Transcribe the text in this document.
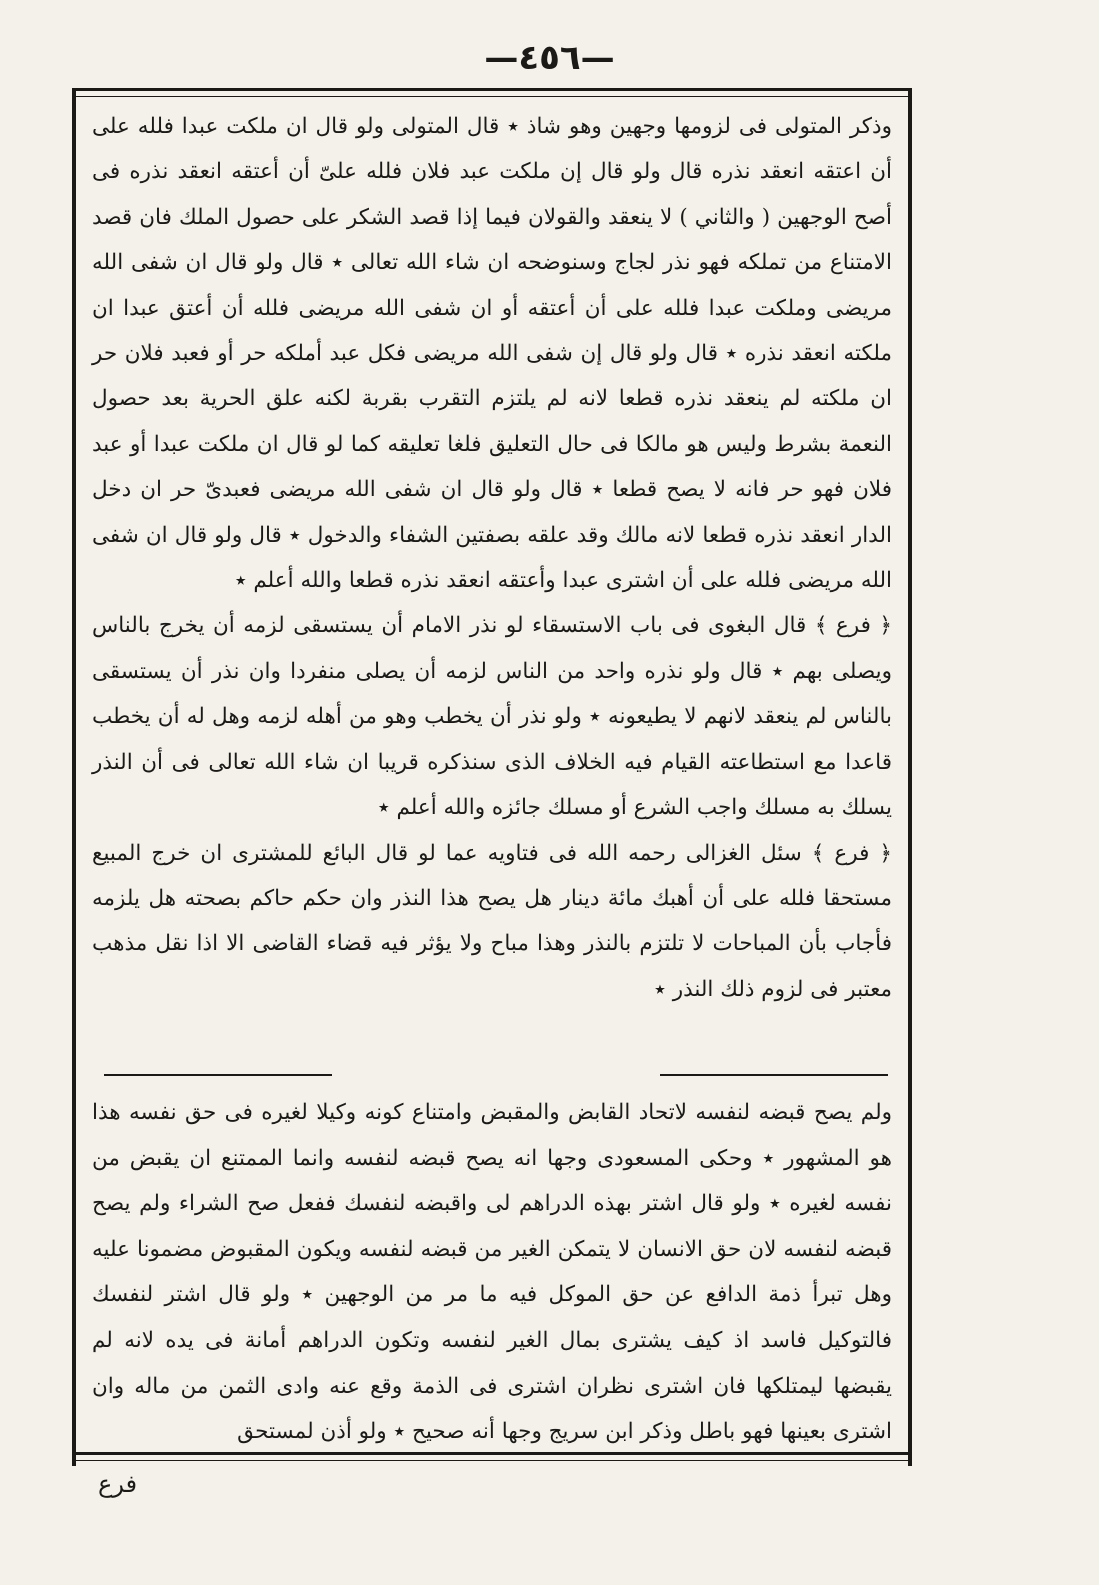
—٤٥٦—

وذكر المتولى فى لزومها وجهين وهو شاذ ٭ قال المتولى ولو قال ان ملكت عبدا فلله على أن اعتقه انعقد نذره قال ولو قال إن ملكت عبد فلان فلله علىّ أن أعتقه انعقد نذره فى أصح الوجهين ( والثاني ) لا ينعقد والقولان فيما إذا قصد الشكر على حصول الملك فان قصد الامتناع من تملكه فهو نذر لجاج وسنوضحه ان شاء الله تعالى ٭ قال ولو قال ان شفى الله مريضى وملكت عبدا فلله على أن أعتقه أو ان شفى الله مريضى فلله أن أعتق عبدا ان ملكته انعقد نذره ٭ قال ولو قال إن شفى الله مريضى فكل عبد أملكه حر أو فعبد فلان حر ان ملكته لم ينعقد نذره قطعا لانه لم يلتزم التقرب بقربة لكنه علق الحرية بعد حصول النعمة بشرط وليس هو مالكا فى حال التعليق فلغا تعليقه كما لو قال ان ملكت عبدا أو عبد فلان فهو حر فانه لا يصح قطعا ٭ قال ولو قال ان شفى الله مريضى فعبدىّ حر ان دخل الدار انعقد نذره قطعا لانه مالك وقد علقه بصفتين الشفاء والدخول ٭ قال ولو قال ان شفى الله مريضى فلله على أن اشترى عبدا وأعتقه انعقد نذره قطعا والله أعلم ٭

﴿ فرع ﴾ قال البغوى فى باب الاستسقاء لو نذر الامام أن يستسقى لزمه أن يخرج بالناس ويصلى بهم ٭ قال ولو نذره واحد من الناس لزمه أن يصلى منفردا وان نذر أن يستسقى بالناس لم ينعقد لانهم لا يطيعونه ٭ ولو نذر أن يخطب وهو من أهله لزمه وهل له أن يخطب قاعدا مع استطاعته القيام فيه الخلاف الذى سنذكره قريبا ان شاء الله تعالى فى أن النذر يسلك به مسلك واجب الشرع أو مسلك جائزه والله أعلم ٭

﴿ فرع ﴾ سئل الغزالى رحمه الله فى فتاويه عما لو قال البائع للمشترى ان خرج المبيع مستحقا فلله على أن أهبك مائة دينار هل يصح هذا النذر وان حكم حاكم بصحته هل يلزمه فأجاب بأن المباحات لا تلتزم بالنذر وهذا مباح ولا يؤثر فيه قضاء القاضى الا اذا نقل مذهب معتبر فى لزوم ذلك النذر ٭

ولم يصح قبضه لنفسه لاتحاد القابض والمقبض وامتناع كونه وكيلا لغيره فى حق نفسه هذا هو المشهور ٭ وحكى المسعودى وجها انه يصح قبضه لنفسه وانما الممتنع ان يقبض من نفسه لغيره ٭ ولو قال اشتر بهذه الدراهم لى واقبضه لنفسك ففعل صح الشراء ولم يصح قبضه لنفسه لان حق الانسان لا يتمكن الغير من قبضه لنفسه ويكون المقبوض مضمونا عليه وهل تبرأ ذمة الدافع عن حق الموكل فيه ما مر من الوجهين ٭ ولو قال اشتر لنفسك فالتوكيل فاسد اذ كيف يشترى بمال الغير لنفسه وتكون الدراهم أمانة فى يده لانه لم يقبضها ليمتلكها فان اشترى نظران اشترى فى الذمة وقع عنه وادى الثمن من ماله وان اشترى بعينها فهو باطل وذكر ابن سريج وجها أنه صحيح ٭ ولو أذن لمستحق

فرع
